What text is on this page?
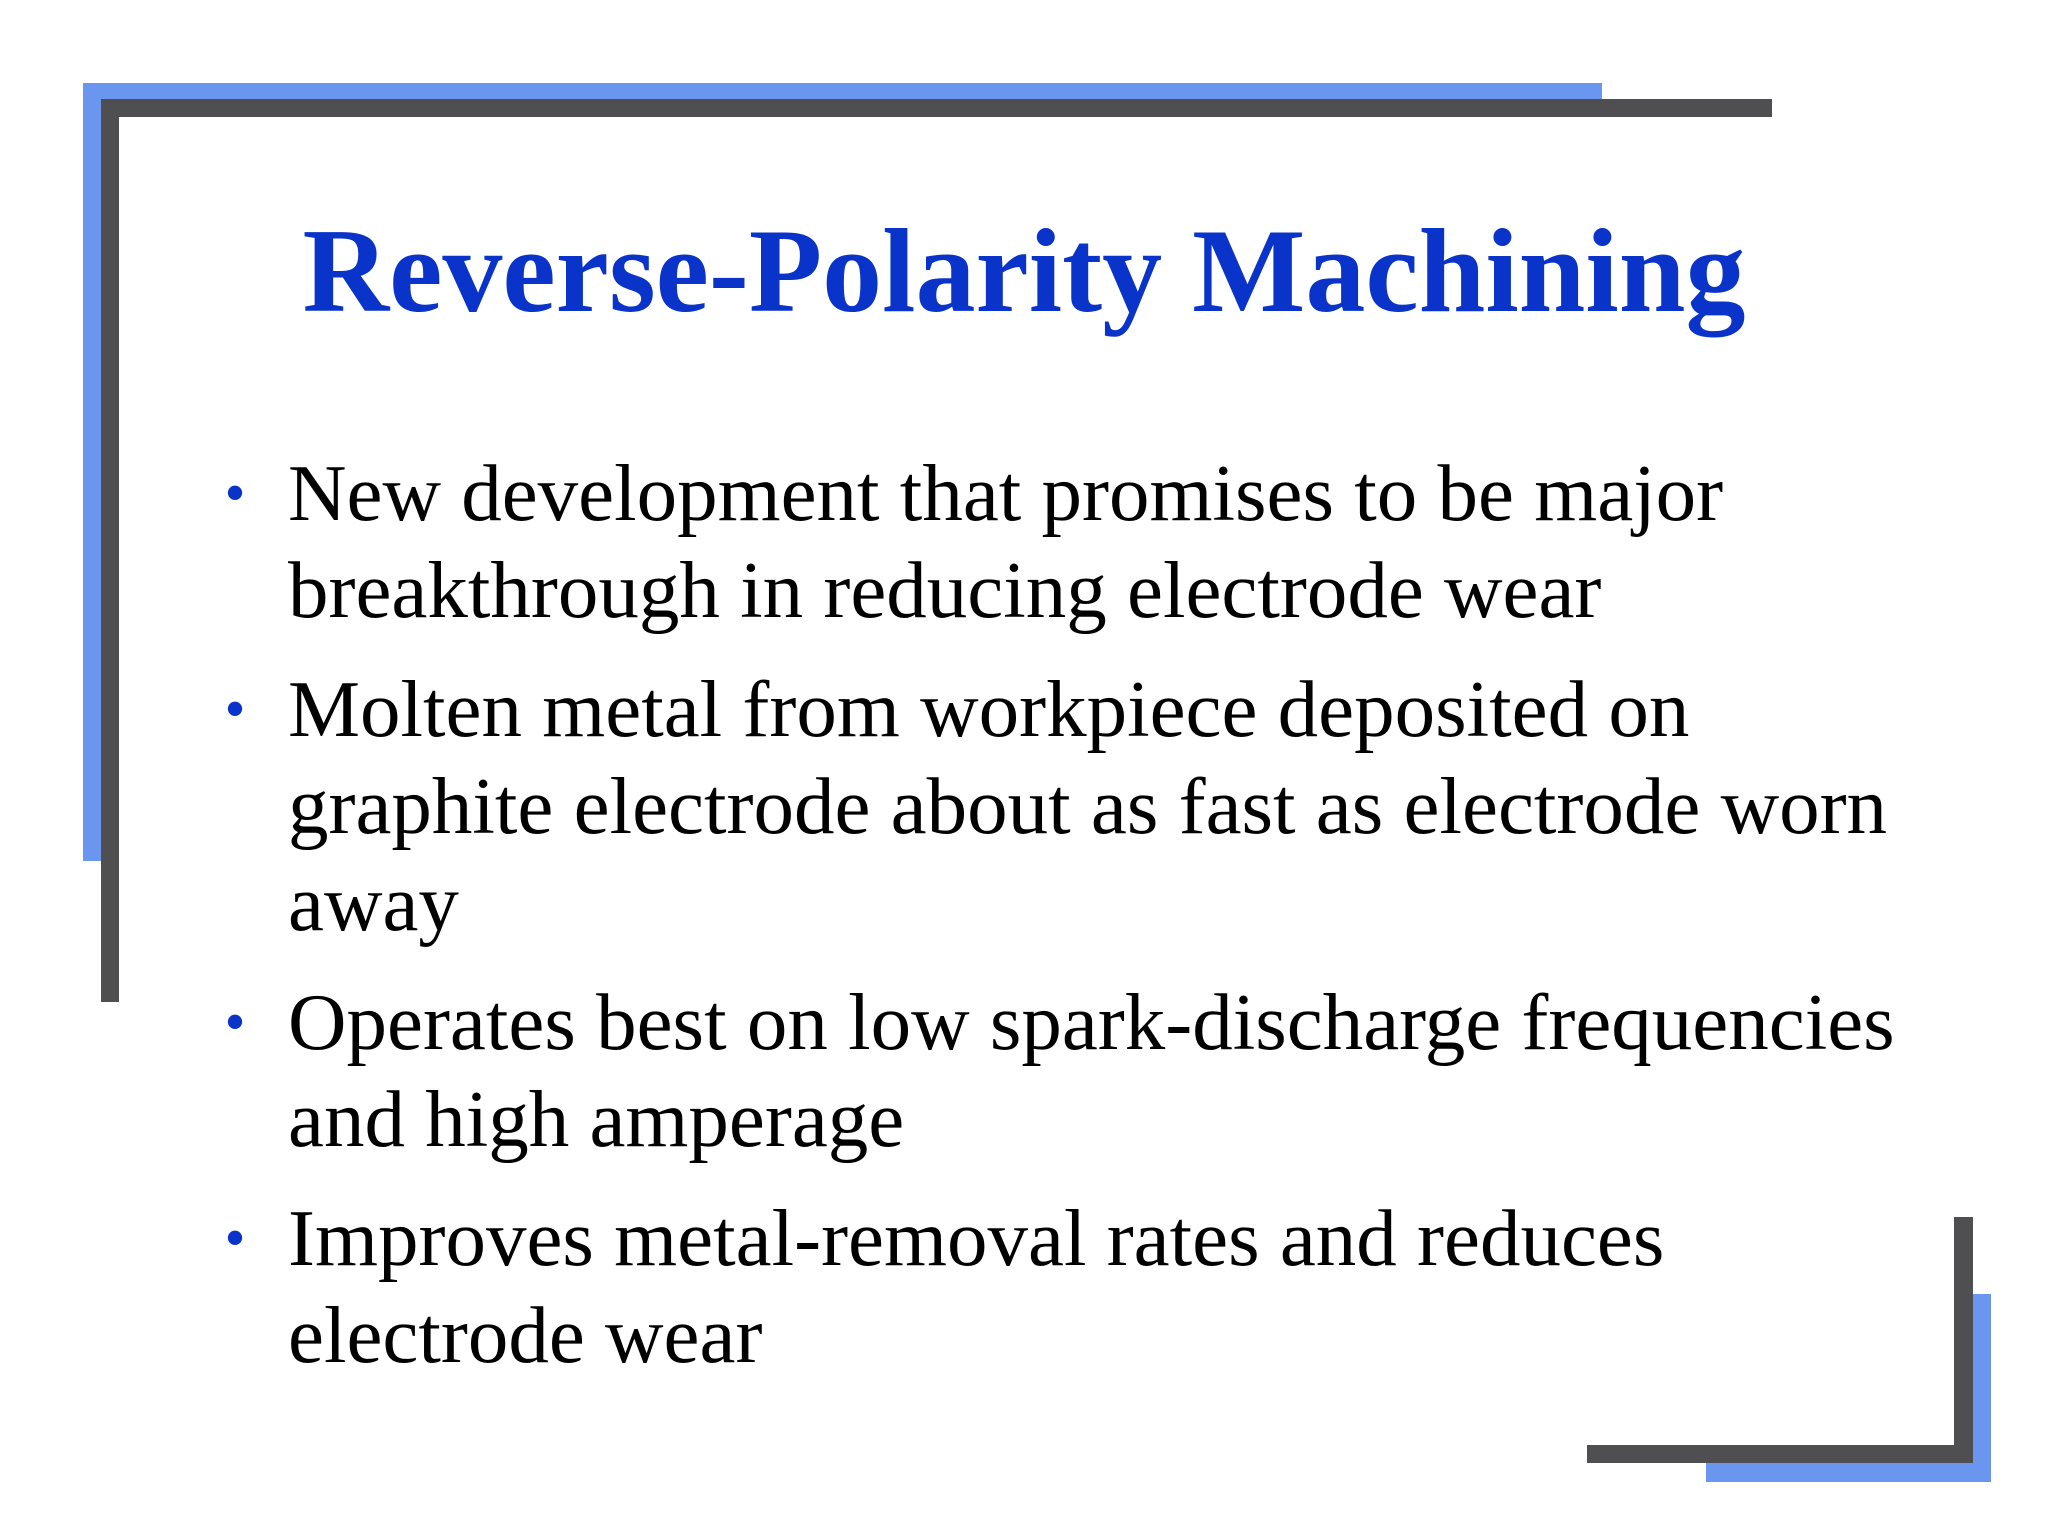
Reverse-Polarity Machining
• New development that promises to be major breakthrough in reducing electrode wear
• Molten metal from workpiece deposited on graphite electrode about as fast as electrode worn away
• Operates best on low spark-discharge frequencies and high amperage
• Improves metal-removal rates and reduces electrode wear
